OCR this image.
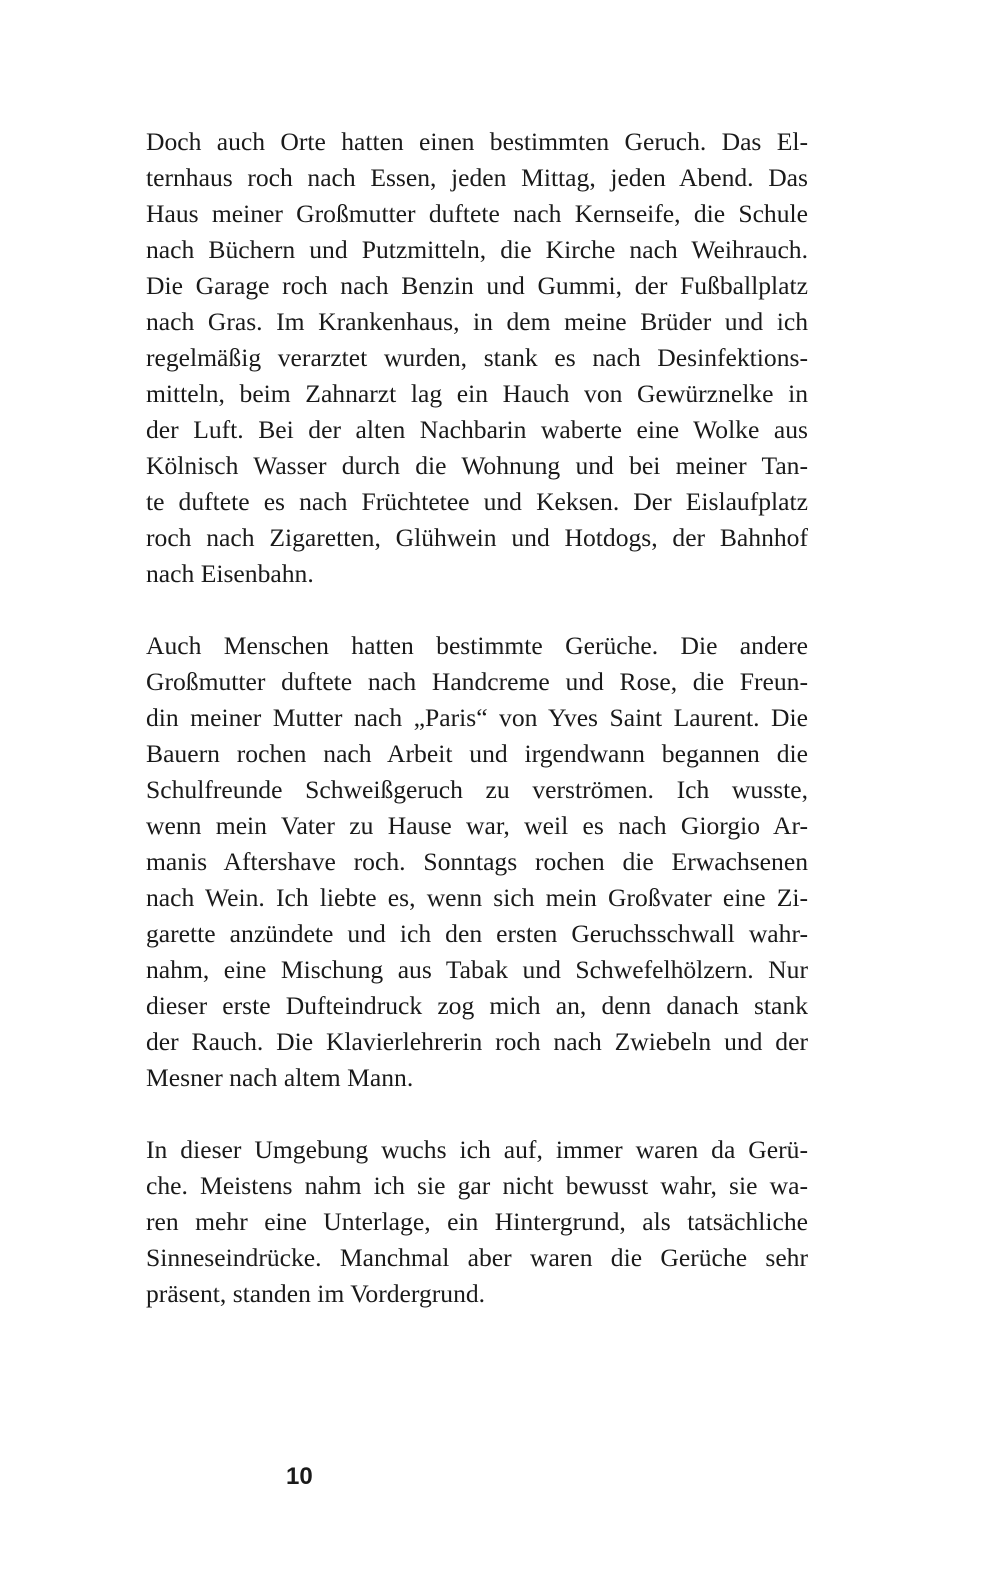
Doch auch Orte hatten einen bestimmten Geruch. Das El-
ternhaus roch nach Essen, jeden Mittag, jeden Abend. Das
Haus meiner Großmutter duftete nach Kernseife, die Schule
nach Büchern und Putzmitteln, die Kirche nach Weihrauch.
Die Garage roch nach Benzin und Gummi, der Fußballplatz
nach Gras. Im Krankenhaus, in dem meine Brüder und ich
regelmäßig verarztet wurden, stank es nach Desinfektions-
mitteln, beim Zahnarzt lag ein Hauch von Gewürznelke in
der Luft. Bei der alten Nachbarin waberte eine Wolke aus
Kölnisch Wasser durch die Wohnung und bei meiner Tan-
te duftete es nach Früchtetee und Keksen. Der Eislaufplatz
roch nach Zigaretten, Glühwein und Hotdogs, der Bahnhof
nach Eisenbahn.

Auch Menschen hatten bestimmte Gerüche. Die andere
Großmutter duftete nach Handcreme und Rose, die Freun-
din meiner Mutter nach „Paris“ von Yves Saint Laurent. Die
Bauern rochen nach Arbeit und irgendwann begannen die
Schulfreunde Schweißgeruch zu verströmen. Ich wusste,
wenn mein Vater zu Hause war, weil es nach Giorgio Ar-
manis Aftershave roch. Sonntags rochen die Erwachsenen
nach Wein. Ich liebte es, wenn sich mein Großvater eine Zi-
garette anzündete und ich den ersten Geruchsschwall wahr-
nahm, eine Mischung aus Tabak und Schwefelhölzern. Nur
dieser erste Dufteindruck zog mich an, denn danach stank
der Rauch. Die Klavierlehrerin roch nach Zwiebeln und der
Mesner nach altem Mann.

In dieser Umgebung wuchs ich auf, immer waren da Gerü-
che. Meistens nahm ich sie gar nicht bewusst wahr, sie wa-
ren mehr eine Unterlage, ein Hintergrund, als tatsächliche
Sinneseindrücke. Manchmal aber waren die Gerüche sehr
präsent, standen im Vordergrund.

10
